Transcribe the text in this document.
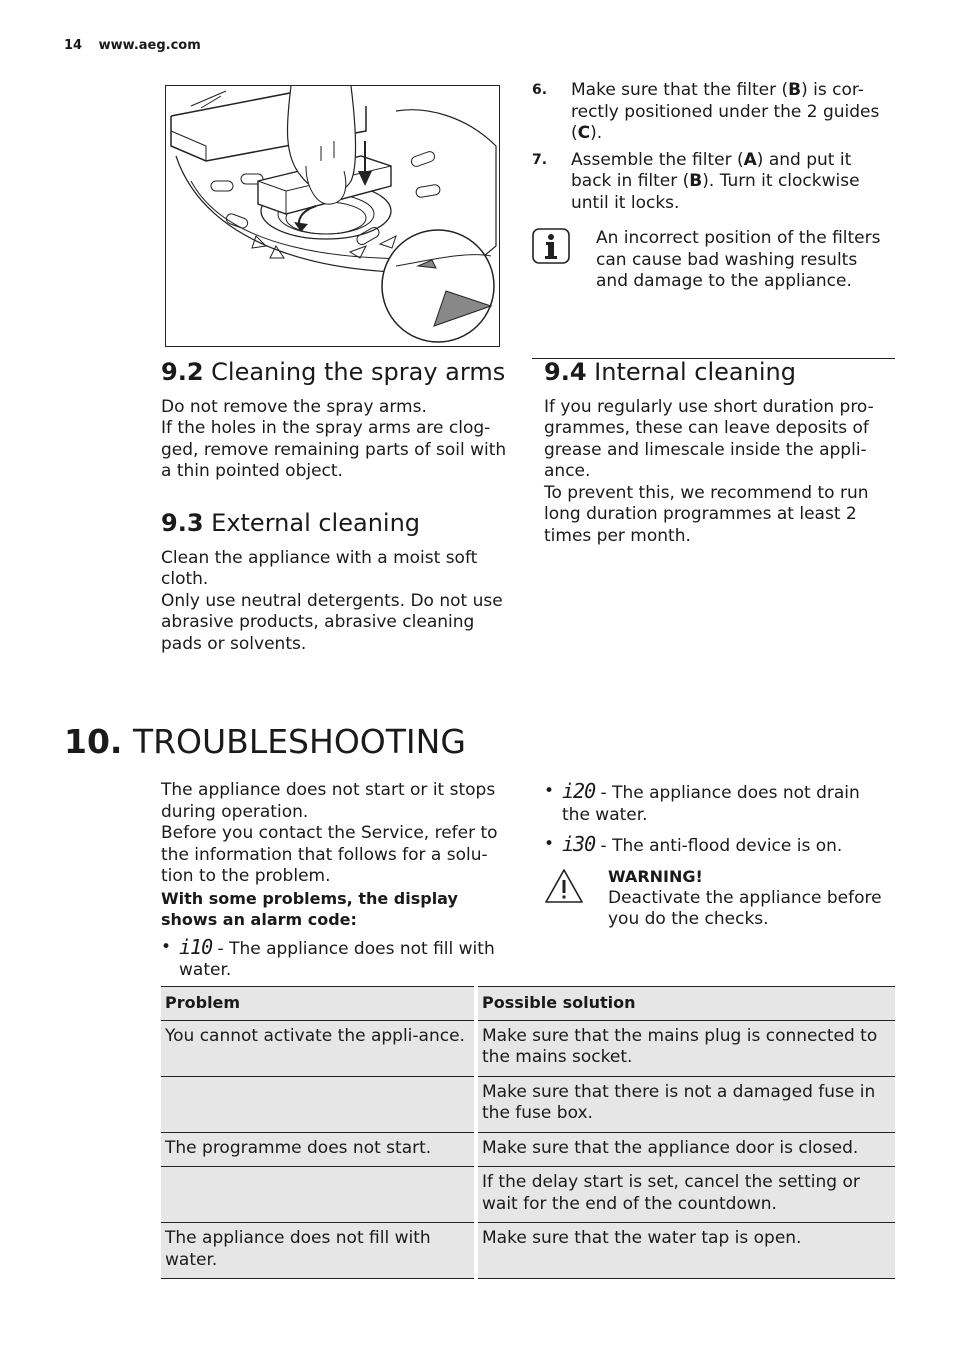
14 www.aeg.com
6.	Make sure that the filter (B) is cor-rectly positioned under the 2 guides (C).
7.	Assemble the filter (A) and put it back in filter (B). Turn it clockwise until it locks.
An incorrect position of the filters can cause bad washing results and damage to the appliance.
9.2 Cleaning the spray arms

Do not remove the spray arms.

If the holes in the spray arms are clog-ged, remove remaining parts of soil with a thin pointed object.

9.3 External cleaning

Clean the appliance with a moist soft cloth.

Only use neutral detergents. Do not use abrasive products, abrasive cleaning pads or solvents.

9.4 Internal cleaning

If you regularly use short duration pro-grammes, these can leave deposits of grease and limescale inside the appli-ance.

To prevent this, we recommend to run long duration programmes at least 2 times per month.

10. TROUBLESHOOTING

The appliance does not start or it stops during operation.

Before you contact the Service, refer to the information that follows for a solu-tion to the problem.

With some problems, the display shows an alarm code:

• i10 - The appliance does not fill with water.
• i20 - The appliance does not drain the water.
• i30 - The anti-flood device is on.
WARNING!
Deactivate the appliance before you do the checks.
Problem	Possible solution
You cannot activate the appli-ance.	Make sure that the mains plug is connected to the mains socket.
	Make sure that there is not a damaged fuse in the fuse box.
The programme does not start.	Make sure that the appliance door is closed.
	If the delay start is set, cancel the setting or wait for the end of the countdown.
The appliance does not fill with water.	Make sure that the water tap is open.
